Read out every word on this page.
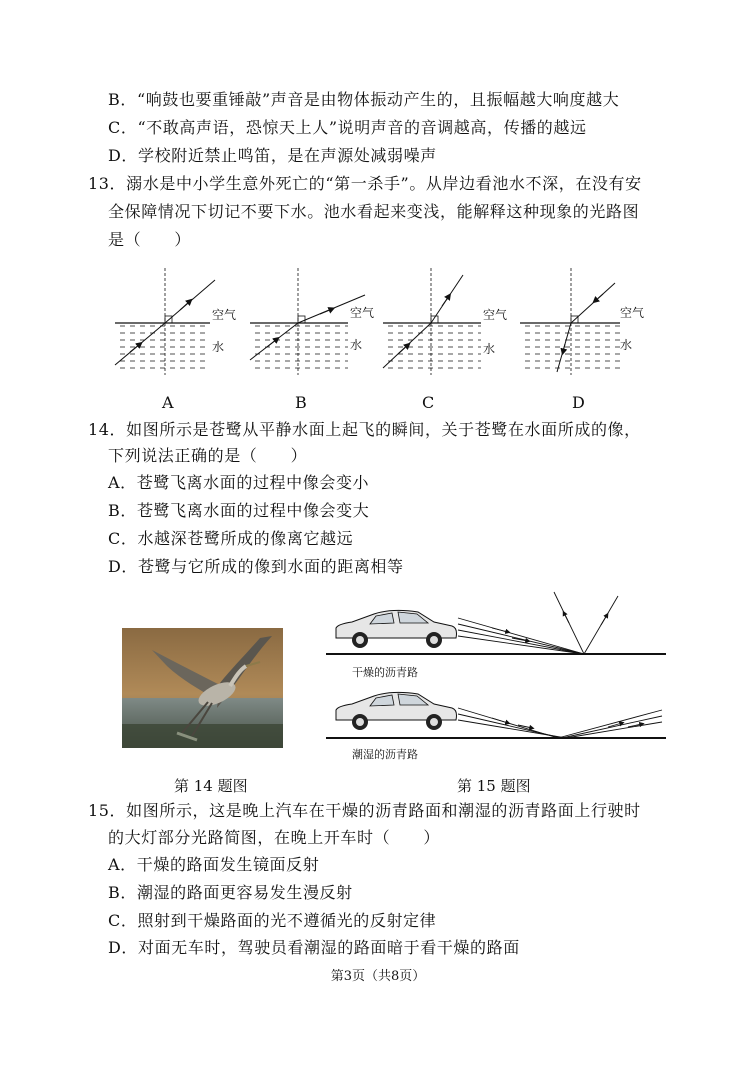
B．“响鼓也要重锤敲”声音是由物体振动产生的，且振幅越大响度越大
C．“不敢高声语，恐惊天上人”说明声音的音调越高，传播的越远
D．学校附近禁止鸣笛，是在声源处减弱噪声
13．溺水是中小学生意外死亡的“第一杀手”。从岸边看池水不深，在没有安
全保障情况下切记不要下水。池水看起来变浅，能解释这种现象的光路图
是（　　）
空气
水
空气
水
空气
水
空气
水
A	B	C	D
14．如图所示是苍鹭从平静水面上起飞的瞬间，关于苍鹭在水面所成的像，
下列说法正确的是（　　）
A．苍鹭飞离水面的过程中像会变小
B．苍鹭飞离水面的过程中像会变大
C．水越深苍鹭所成的像离它越远
D．苍鹭与它所成的像到水面的距离相等
干燥的沥青路
潮湿的沥青路
第 14 题图	第 15 题图
15．如图所示，这是晚上汽车在干燥的沥青路面和潮湿的沥青路面上行驶时
的大灯部分光路简图，在晚上开车时（　　）
A．干燥的路面发生镜面反射
B．潮湿的路面更容易发生漫反射
C．照射到干燥路面的光不遵循光的反射定律
D．对面无车时，驾驶员看潮湿的路面暗于看干燥的路面
第3页（共8页）
